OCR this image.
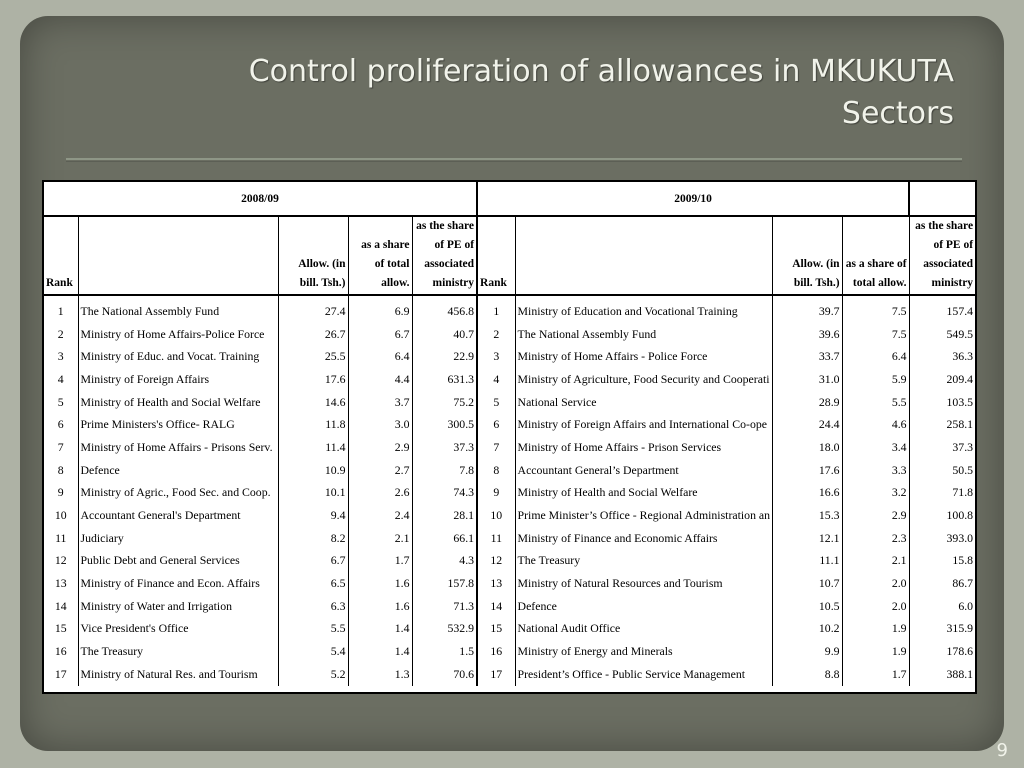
Control proliferation of allowances in MKUKUTA
Sectors
2008/09					2009/10				
Rank		Allow. (in bill. Tsh.)	as a share of total allow.	as the share of PE of associated ministry	Rank		Allow. (in bill. Tsh.)	as a share of total allow.	as the share of PE of associated ministry
1	The National Assembly Fund	27.4	6.9	456.8	1	Ministry of Education and Vocational Training	39.7	7.5	157.4
2	Ministry of Home Affairs-Police Force	26.7	6.7	40.7	2	The National Assembly Fund	39.6	7.5	549.5
3	Ministry of Educ. and Vocat. Training	25.5	6.4	22.9	3	Ministry of Home Affairs - Police Force	33.7	6.4	36.3
4	Ministry of Foreign Affairs	17.6	4.4	631.3	4	Ministry of Agriculture, Food Security and Cooperati	31.0	5.9	209.4
5	Ministry of Health and Social Welfare	14.6	3.7	75.2	5	National Service	28.9	5.5	103.5
6	Prime Ministers's Office- RALG	11.8	3.0	300.5	6	Ministry of Foreign Affairs and International Co-ope	24.4	4.6	258.1
7	Ministry of Home Affairs - Prisons Serv.	11.4	2.9	37.3	7	Ministry of Home Affairs - Prison Services	18.0	3.4	37.3
8	Defence	10.9	2.7	7.8	8	Accountant General’s Department	17.6	3.3	50.5
9	Ministry of Agric., Food Sec. and Coop.	10.1	2.6	74.3	9	Ministry of Health and Social Welfare	16.6	3.2	71.8
10	Accountant General's Department	9.4	2.4	28.1	10	Prime Minister’s Office - Regional Administration an	15.3	2.9	100.8
11	Judiciary	8.2	2.1	66.1	11	Ministry of Finance and Economic Affairs	12.1	2.3	393.0
12	Public Debt and General Services	6.7	1.7	4.3	12	The Treasury	11.1	2.1	15.8
13	Ministry of Finance and Econ. Affairs	6.5	1.6	157.8	13	Ministry of Natural Resources and Tourism	10.7	2.0	86.7
14	Ministry of Water and Irrigation	6.3	1.6	71.3	14	Defence	10.5	2.0	6.0
15	Vice President's Office	5.5	1.4	532.9	15	National Audit Office	10.2	1.9	315.9
16	The Treasury	5.4	1.4	1.5	16	Ministry of Energy and Minerals	9.9	1.9	178.6
17	Ministry of Natural Res. and Tourism	5.2	1.3	70.6	17	President’s Office - Public Service Management	8.8	1.7	388.1
9
